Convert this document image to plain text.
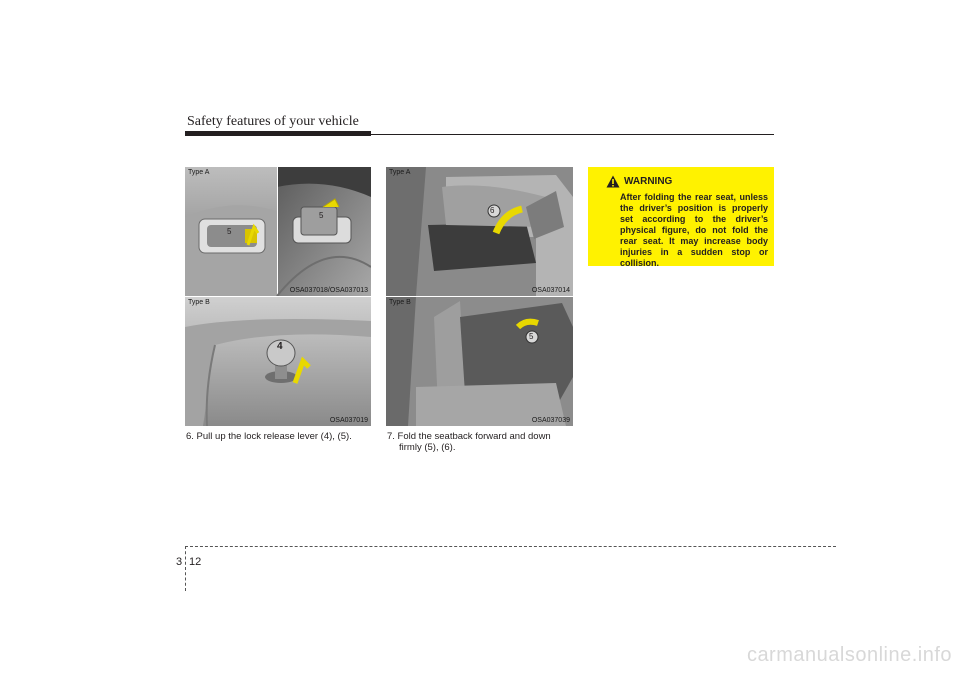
Safety features of your vehicle
Type A
5
5
OSA037018/OSA037013
Type B
4
OSA037019
Type A
6
OSA037014
Type B
5
OSA037039
6. Pull up the lock release lever (4), (5).	7. Fold the seatback forward and down
firmly (5), (6).
WARNING
After folding the rear seat, unless the driver’s position is properly set according to the driver’s physical figure, do not fold the rear seat. It may increase body injuries in a sudden stop or collision.
3 12
carmanualsonline.info
